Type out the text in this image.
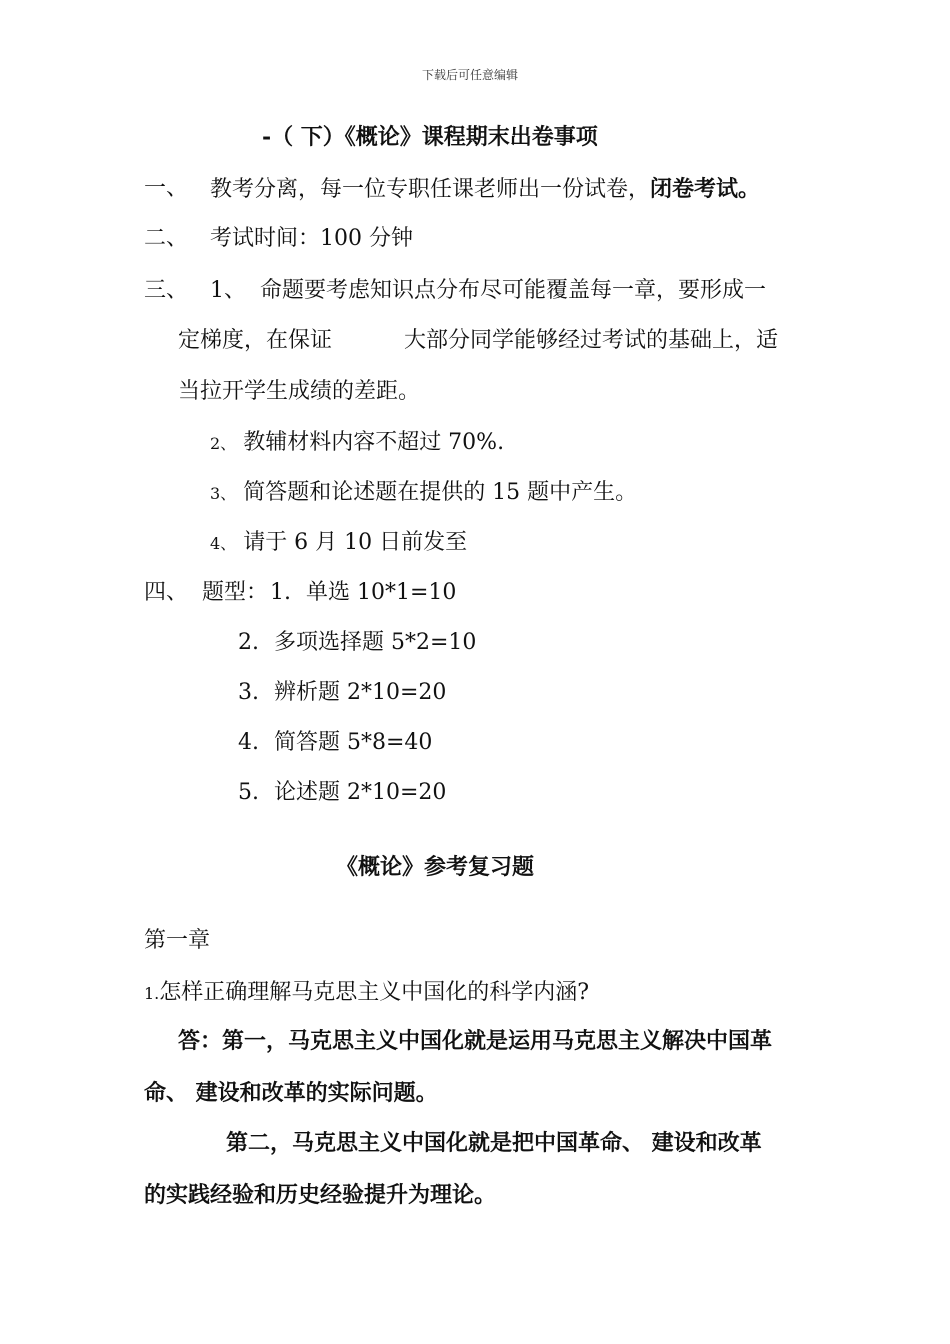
下载后可任意编辑
-（ 下）《概论》课程期末出卷事项
一、 教考分离，每一位专职任课老师出一份试卷，闭卷考试。
二、 考试时间：100 分钟
三、 1、 命题要考虑知识点分布尽可能覆盖每一章，要形成一
定梯度，在保证	大部分同学能够经过考试的基础上，适
当拉开学生成绩的差距。
2、 教辅材料内容不超过 70%.
3、 简答题和论述题在提供的 15 题中产生。
4、 请于 6 月 10 日前发至
四、 题型： 1. 单选 10*1=10
2. 多项选择题 5*2=10
3. 辨析题 2*10=20
4. 简答题 5*8=40
5. 论述题 2*10=20
《概论》参考复习题
第一章
1.怎样正确理解马克思主义中国化的科学内涵?
答：第一，马克思主义中国化就是运用马克思主义解决中国革
命、 建设和改革的实际问题。
第二，马克思主义中国化就是把中国革命、 建设和改革
的实践经验和历史经验提升为理论。
